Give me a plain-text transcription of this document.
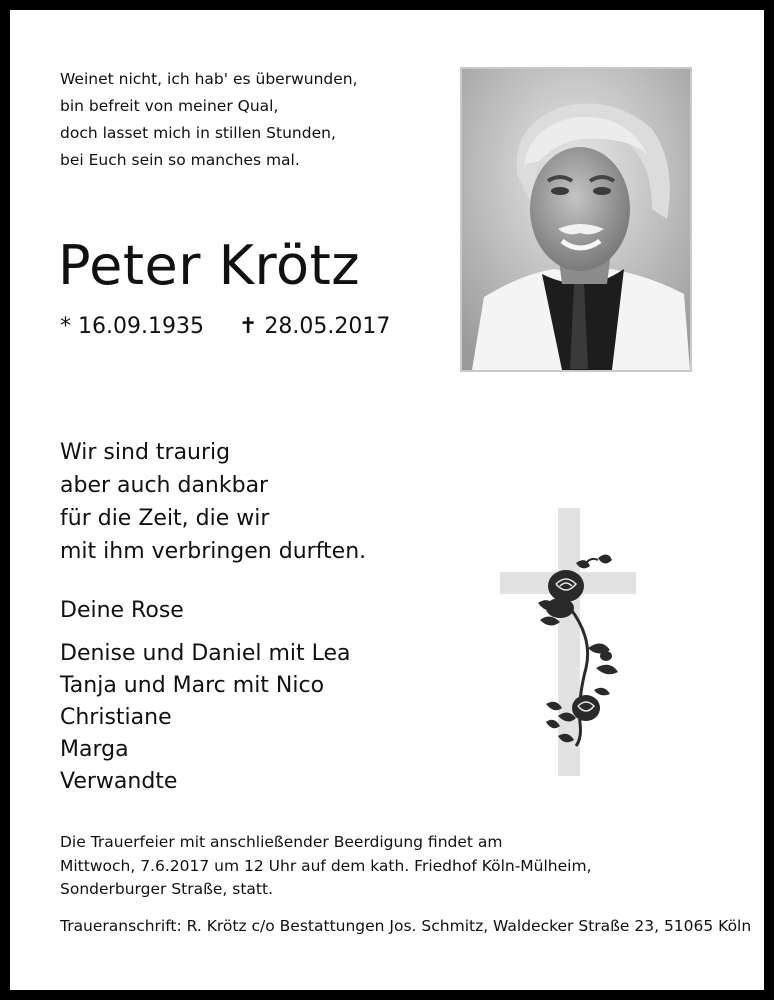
Weinet nicht, ich hab' es überwunden,
bin befreit von meiner Qual,
doch lasset mich in stillen Stunden,
bei Euch sein so manches mal.
Peter Krötz
* 16.09.1935 ✝ 28.05.2017
Wir sind traurig
aber auch dankbar
für die Zeit, die wir
mit ihm verbringen durften.
Deine Rose
Denise und Daniel mit Lea
Tanja und Marc mit Nico
Christiane
Marga
Verwandte
Die Trauerfeier mit anschließender Beerdigung findet am
Mittwoch, 7.6.2017 um 12 Uhr auf dem kath. Friedhof Köln-Mülheim,
Sonderburger Straße, statt.
Traueranschrift: R. Krötz c/o Bestattungen Jos. Schmitz, Waldecker Straße 23, 51065 Köln
